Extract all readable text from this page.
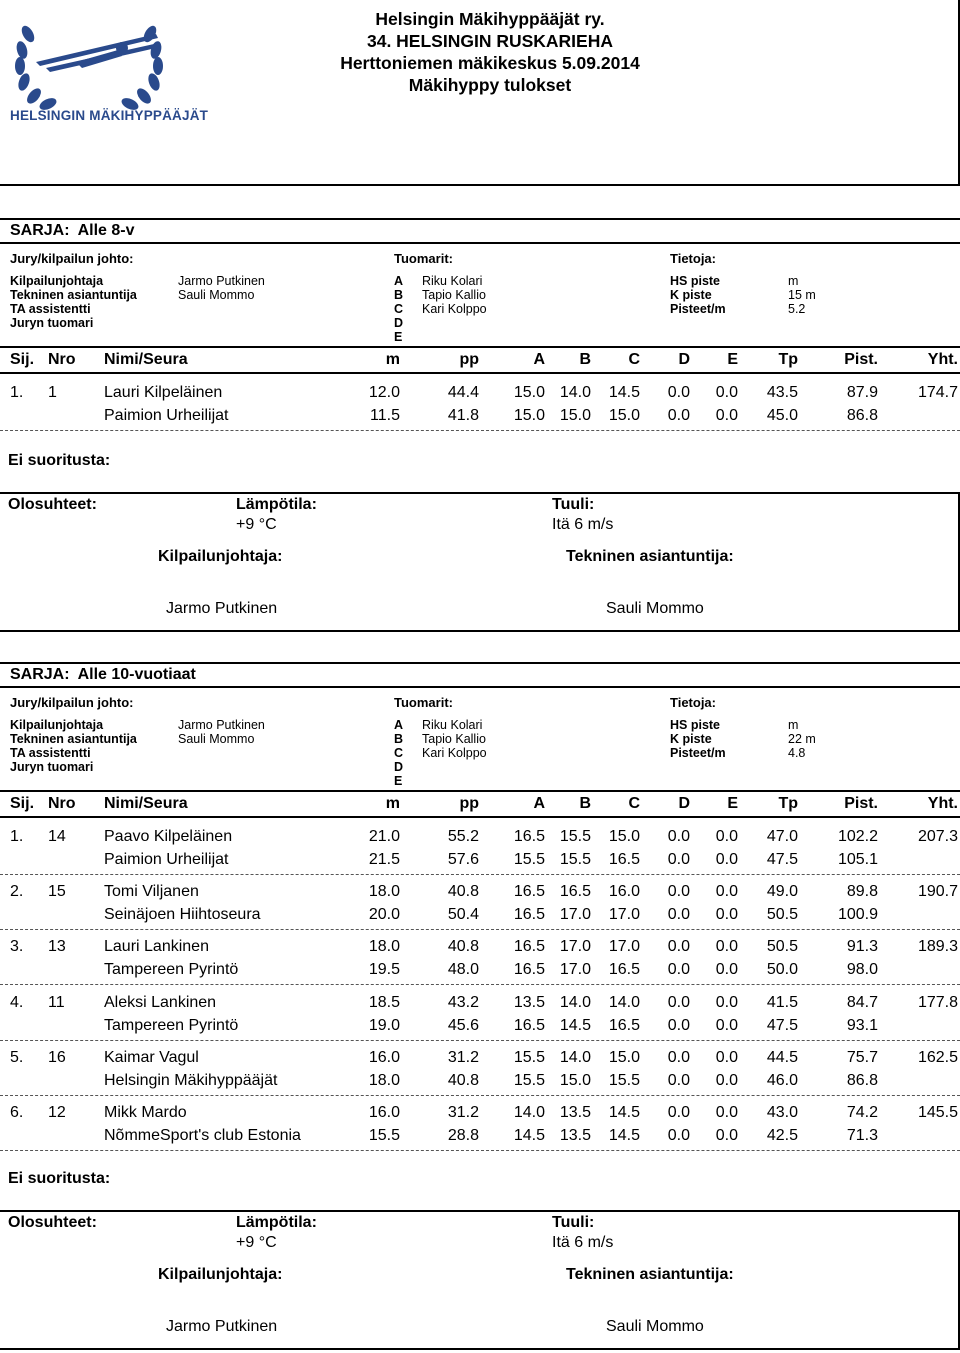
HELSINGIN MÄKIHYPPÄÄJÄT
Helsingin Mäkihyppääjät ry.
34. HELSINGIN RUSKARIEHA
Herttoniemen mäkikeskus 5.09.2014
Mäkihyppy tulokset
SARJA: Alle 8-v
Jury/kilpailun johto:	Tuomarit:	Tietoja:
Kilpailunjohtaja	Jarmo Putkinen	A Riku Kolari	HS piste	m
Tekninen asiantuntija	Sauli Mommo	B Tapio Kallio	K piste	15 m
TA assistentti	C Kari Kolppo	Pisteet/m	5.2
Juryn tuomari	D
E
Sij. Nro Nimi/Seura	m	pp	A B C D E	Tp	Pist.	Yht.
1. 1	Lauri Kilpeläinen	12.0	44.4 15.0 14.0 14.5 0.0 0.0 43.5	87.9 174.7
Paimion Urheilijat	11.5	41.8 15.0 15.0 15.0 0.0 0.0 45.0	86.8
Ei suoritusta:
Olosuhteet:	Lämpötila:	Tuuli:
+9 °C	Itä 6 m/s
Kilpailunjohtaja:	Tekninen asiantuntija:
Jarmo Putkinen	Sauli Mommo
SARJA: Alle 10-vuotiaat
Jury/kilpailun johto:	Tuomarit:	Tietoja:
Kilpailunjohtaja	Jarmo Putkinen	A Riku Kolari	HS piste	m
Tekninen asiantuntija	Sauli Mommo	B Tapio Kallio	K piste	22 m
TA assistentti	C Kari Kolppo	Pisteet/m	4.8
Juryn tuomari	D
E
Sij. Nro Nimi/Seura	m	pp	A B C D E	Tp	Pist.	Yht.
1. 14 Paavo Kilpeläinen	21.0	55.2 16.5 15.5 15.0 0.0 0.0 47.0 102.2 207.3
Paimion Urheilijat	21.5	57.6 15.5 15.5 16.5 0.0 0.0 47.5 105.1
2. 15 Tomi Viljanen	18.0	40.8 16.5 16.5 16.0 0.0 0.0 49.0	89.8 190.7
Seinäjoen Hiihtoseura	20.0	50.4 16.5 17.0 17.0 0.0 0.0 50.5 100.9
3. 13 Lauri Lankinen	18.0	40.8 16.5 17.0 17.0 0.0 0.0 50.5	91.3 189.3
Tampereen Pyrintö	19.5	48.0 16.5 17.0 16.5 0.0 0.0 50.0	98.0
4. 11 Aleksi Lankinen	18.5	43.2 13.5 14.0 14.0 0.0 0.0 41.5	84.7 177.8
Tampereen Pyrintö	19.0	45.6 16.5 14.5 16.5 0.0 0.0 47.5	93.1
5. 16 Kaimar Vagul	16.0	31.2 15.5 14.0 15.0 0.0 0.0 44.5	75.7 162.5
Helsingin Mäkihyppääjät	18.0	40.8 15.5 15.0 15.5 0.0 0.0 46.0	86.8
6. 12 Mikk Mardo	16.0	31.2 14.0 13.5 14.5 0.0 0.0 43.0	74.2 145.5
NõmmeSport's club Estonia	15.5	28.8 14.5 13.5 14.5 0.0 0.0 42.5	71.3
Ei suoritusta:
Olosuhteet:	Lämpötila:	Tuuli:
+9 °C	Itä 6 m/s
Kilpailunjohtaja:	Tekninen asiantuntija:
Jarmo Putkinen	Sauli Mommo
